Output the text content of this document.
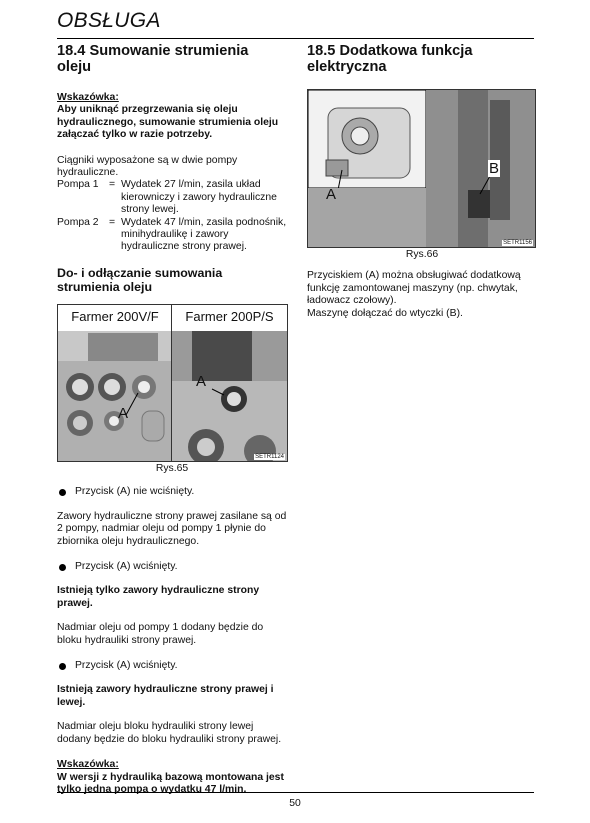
OBSŁUGA
18.4 Sumowanie strumienia oleju
Wskazówka:

Aby uniknąć przegrzewania się oleju hydraulicznego, sumowanie strumienia oleju załączać tylko w razie potrzeby.

Ciągniki wyposażone są w dwie pompy hydrauliczne.

Pompa 1	= Wydatek 27 l/min, zasila układ kierowniczy i zawory hydrauliczne strony lewej.
Pompa 2	= Wydatek 47 l/min, zasila podnośnik, minihydraulikę i zawory hydrauliczne strony prawej.
Do- i odłączanie sumowania strumienia oleju
Farmer 200V/F
A
Farmer 200P/S
A
SETR1124
Rys.65
Przycisk (A) nie wciśnięty.

Zawory hydrauliczne strony prawej zasilane są od 2 pompy, nadmiar oleju od pompy 1 płynie do zbiornika oleju hydraulicznego.

Przycisk (A) wciśnięty.

Istnieją tylko zawory hydrauliczne strony prawej.

Nadmiar oleju od pompy 1 dodany będzie do bloku hydrauliki strony prawej.

Przycisk (A) wciśnięty.

Istnieją zawory hydrauliczne strony prawej i lewej.

Nadmiar oleju bloku hydrauliki strony lewej dodany będzie do bloku hydrauliki strony prawej.

Wskazówka:

W wersji z hydrauliką bazową montowana jest tylko jedna pompa o wydatku 47 l/min.

18.5 Dodatkowa funkcja elektryczna
A
B
SETR1156
Rys.66

Przyciskiem (A) można obsługiwać dodatkową funkcję zamontowanej maszyny (np. chwytak, ładowacz czołowy).

Maszynę dołączać do wtyczki (B).

50
